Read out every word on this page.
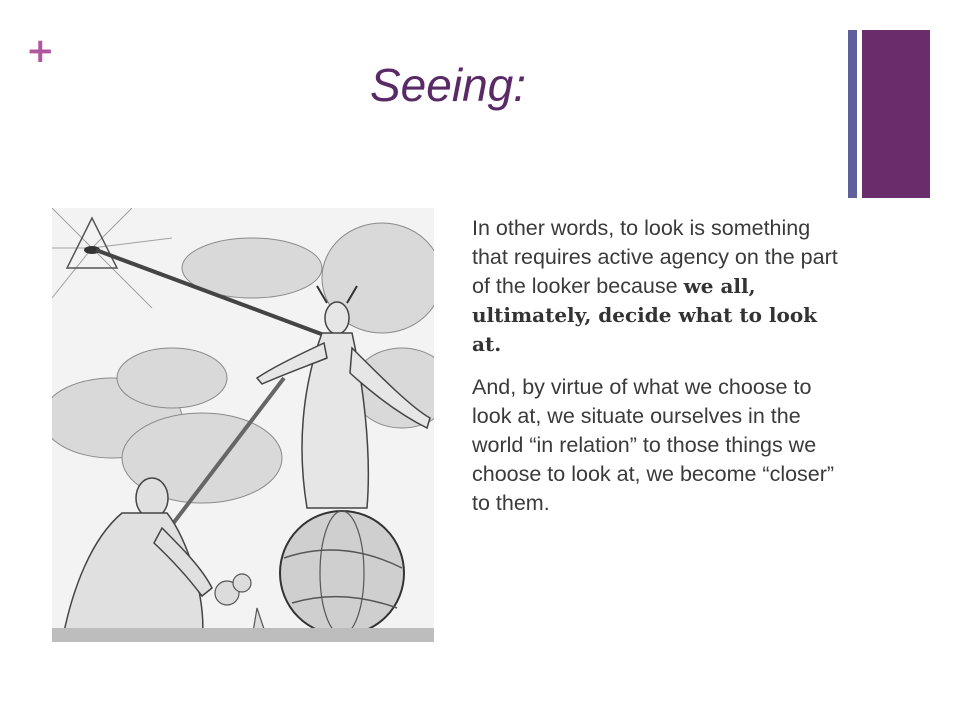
+
Seeing:

In other words, to look is something that requires active agency on the part of the looker because we all, ultimately, decide what to look at.

And, by virtue of what we choose to look at, we situate ourselves in the world “in relation” to those things we choose to look at, we become “closer” to them.
